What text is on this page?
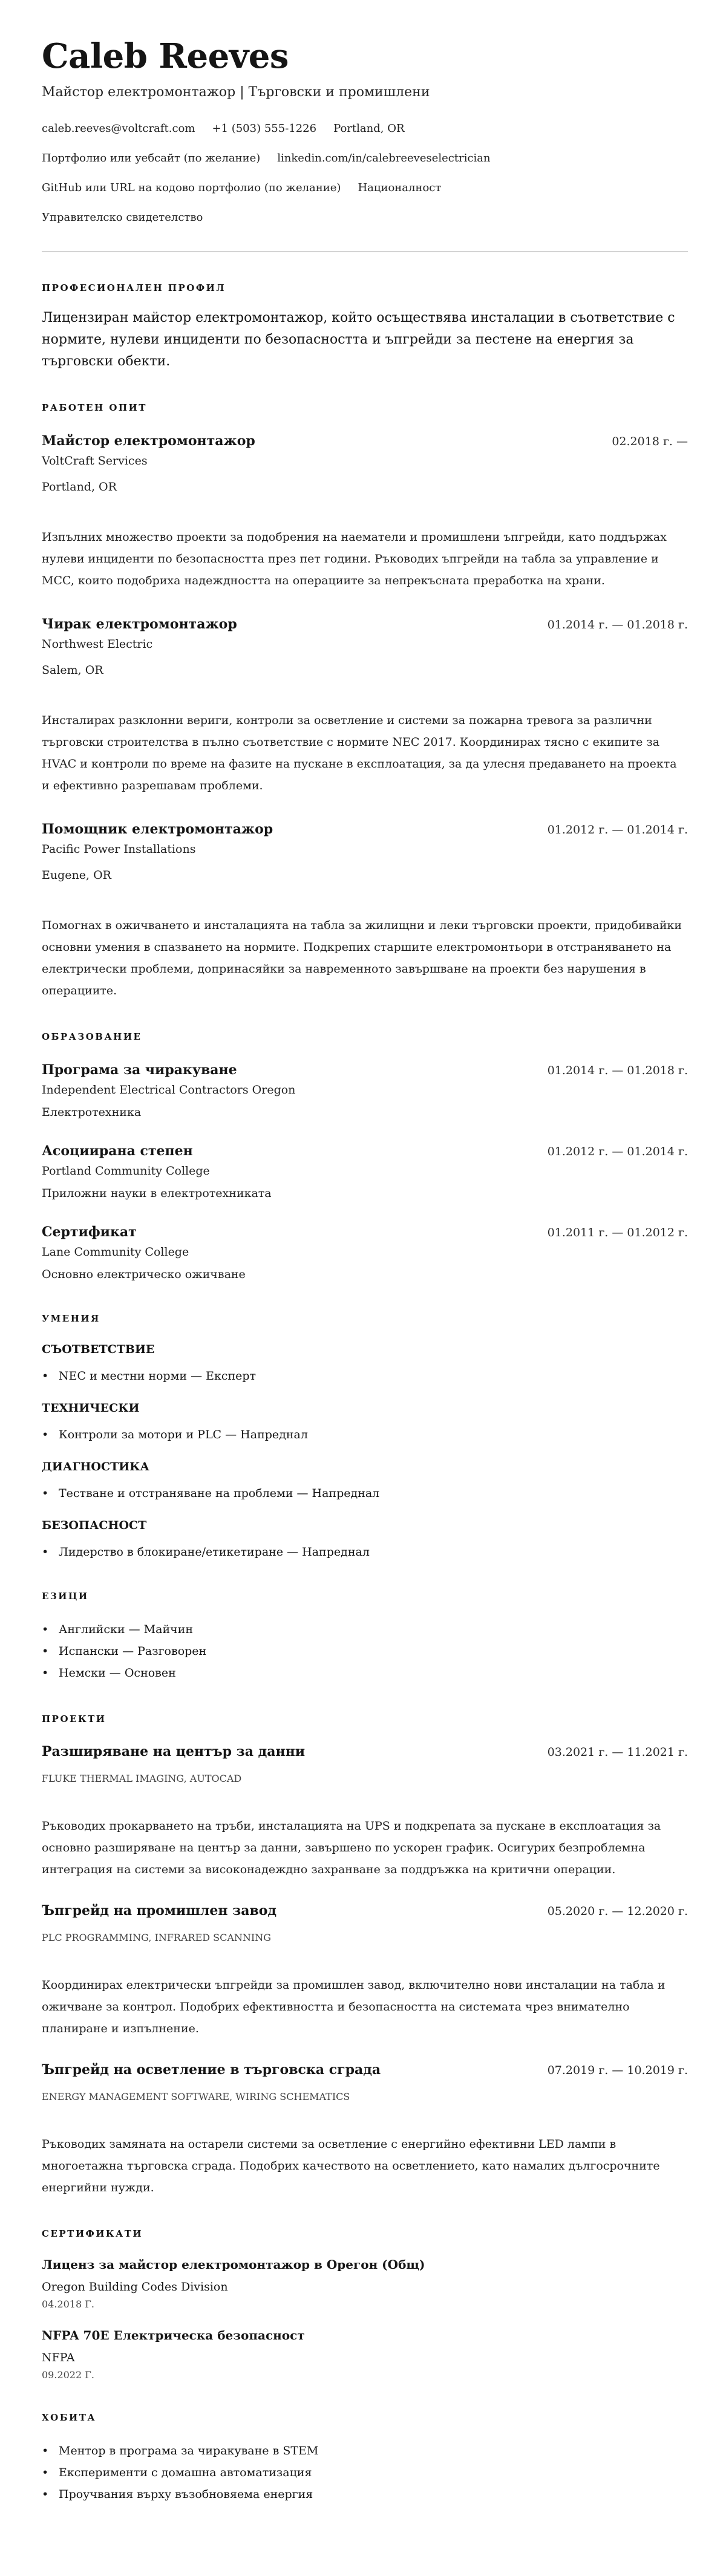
Caleb Reeves
Майстор електромонтажор | Търговски и промишлени
caleb.reeves@voltcraft.com +1 (503) 555-1226 Portland, OR
Портфолио или уебсайт (по желание) linkedin.com/in/calebreeveselectrician
GitHub или URL на кодово портфолио (по желание) Националност
Управителско свидетелство
ПРОФЕСИОНАЛЕН ПРОФИЛ
Лицензиран майстор електромонтажор, който осъществява инсталации в съответствие с нормите, нулеви инциденти по безопасността и ъпгрейди за пестене на енергия за търговски обекти.
РАБОТЕН ОПИТ
Майстор електромонтажор	02.2018 г. —
VoltCraft Services
Portland, OR
Изпълних множество проекти за подобрения на наематели и промишлени ъпгрейди, като поддържах нулеви инциденти по безопасността през пет години. Ръководих ъпгрейди на табла за управление и MCC, които подобриха надеждността на операциите за непрекъсната преработка на храни.
Чирак електромонтажор	01.2014 г. — 01.2018 г.
Northwest Electric
Salem, OR
Инсталирах разклонни вериги, контроли за осветление и системи за пожарна тревога за различни търговски строителства в пълно съответствие с нормите NEC 2017. Координирах тясно с екипите за HVAC и контроли по време на фазите на пускане в експлоатация, за да улесня предаването на проекта и ефективно разрешавам проблеми.
Помощник електромонтажор	01.2012 г. — 01.2014 г.
Pacific Power Installations
Eugene, OR
Помогнах в ожичването и инсталацията на табла за жилищни и леки търговски проекти, придобивайки основни умения в спазването на нормите. Подкрепих старшите електромонтьори в отстраняването на електрически проблеми, допринасяйки за навременното завършване на проекти без нарушения в операциите.
ОБРАЗОВАНИЕ
Програма за чиракуване	01.2014 г. — 01.2018 г.
Independent Electrical Contractors Oregon
Електротехника
Асоциирана степен	01.2012 г. — 01.2014 г.
Portland Community College
Приложни науки в електротехниката
Сертификат	01.2011 г. — 01.2012 г.
Lane Community College
Основно електрическо ожичване
УМЕНИЯ
СЪОТВЕТСТВИЕ
• NEC и местни норми — Експерт
ТЕХНИЧЕСКИ
• Контроли за мотори и PLC — Напреднал
ДИАГНОСТИКА
• Тестване и отстраняване на проблеми — Напреднал
БЕЗОПАСНОСТ
• Лидерство в блокиране/етикетиране — Напреднал
ЕЗИЦИ
• Английски — Майчин
• Испански — Разговорен
• Немски — Основен
ПРОЕКТИ
Разширяване на център за данни	03.2021 г. — 11.2021 г.
FLUKE THERMAL IMAGING, AUTOCAD
Ръководих прокарването на тръби, инсталацията на UPS и подкрепата за пускане в експлоатация за основно разширяване на център за данни, завършено по ускорен график. Осигурих безпроблемна интеграция на системи за високонадеждно захранване за поддръжка на критични операции.
Ъпгрейд на промишлен завод	05.2020 г. — 12.2020 г.
PLC PROGRAMMING, INFRARED SCANNING
Координирах електрически ъпгрейди за промишлен завод, включително нови инсталации на табла и ожичване за контрол. Подобрих ефективността и безопасността на системата чрез внимателно планиране и изпълнение.
Ъпгрейд на осветление в търговска сграда	07.2019 г. — 10.2019 г.
ENERGY MANAGEMENT SOFTWARE, WIRING SCHEMATICS
Ръководих замяната на остарели системи за осветление с енергийно ефективни LED лампи в многоетажна търговска сграда. Подобрих качеството на осветлението, като намалих дългосрочните енергийни нужди.
СЕРТИФИКАТИ
Лиценз за майстор електромонтажор в Орегон (Общ)
Oregon Building Codes Division
04.2018 Г.
NFPA 70E Електрическа безопасност
NFPA
09.2022 Г.
ХОБИТА
• Ментор в програма за чиракуване в STEM
• Експерименти с домашна автоматизация
• Проучвания върху възобновяема енергия
